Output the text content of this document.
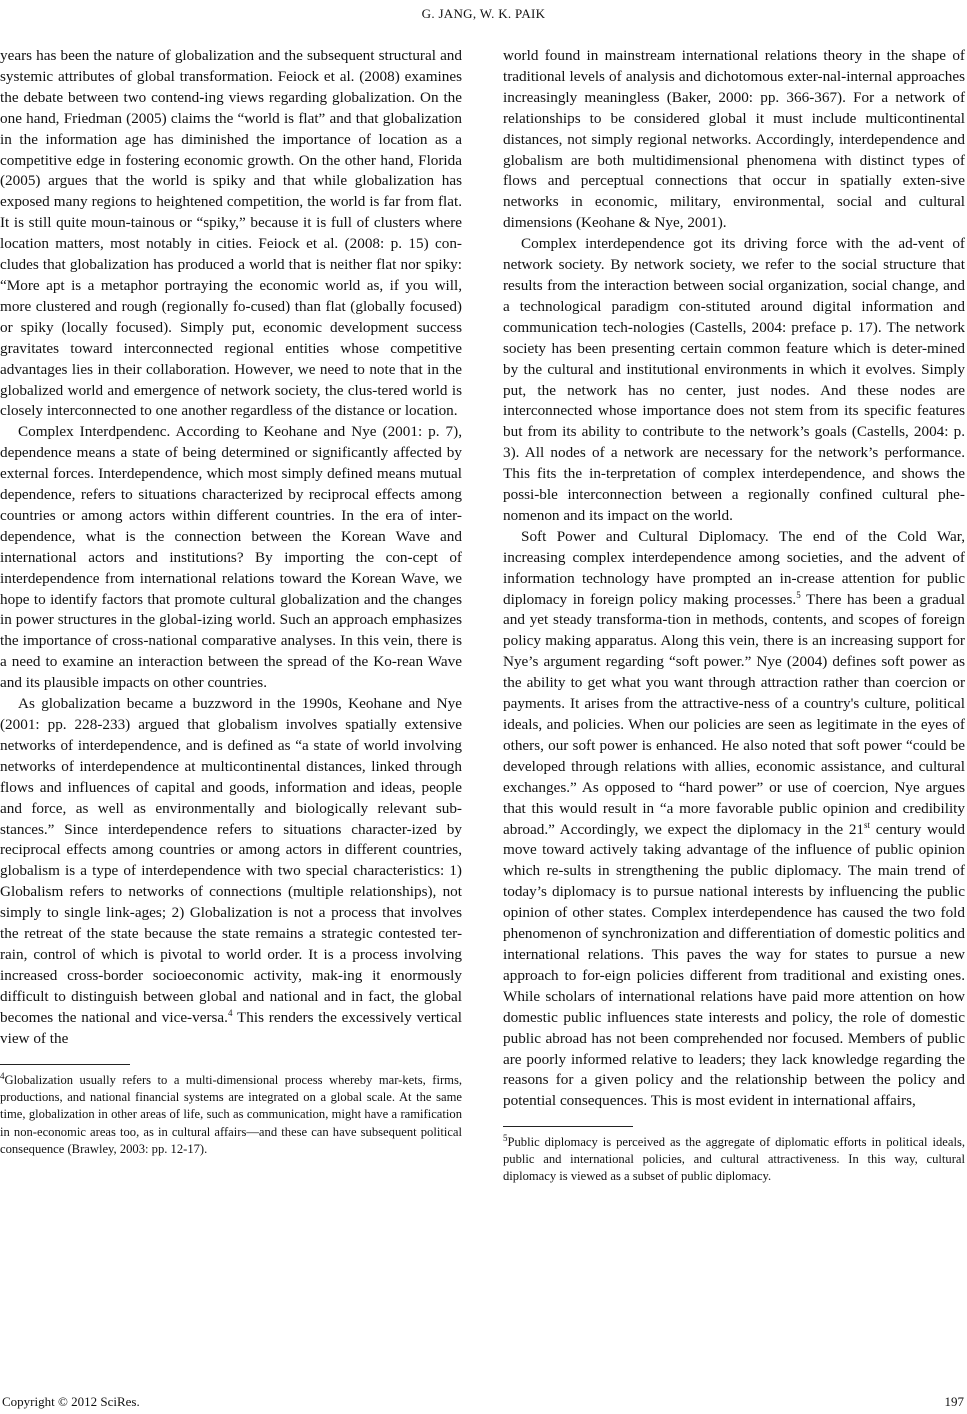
G. JANG, W. K. PAIK

years has been the nature of globalization and the subsequent structural and systemic attributes of global transformation. Feiock et al. (2008) examines the debate between two contend-ing views regarding globalization. On the one hand, Friedman (2005) claims the “world is flat” and that globalization in the information age has diminished the importance of location as a competitive edge in fostering economic growth. On the other hand, Florida (2005) argues that the world is spiky and that while globalization has exposed many regions to heightened competition, the world is far from flat. It is still quite moun-tainous or “spiky,” because it is full of clusters where location matters, most notably in cities. Feiock et al. (2008: p. 15) con-cludes that globalization has produced a world that is neither flat nor spiky: “More apt is a metaphor portraying the economic world as, if you will, more clustered and rough (regionally fo-cused) than flat (globally focused) or spiky (locally focused). Simply put, economic development success gravitates toward interconnected regional entities whose competitive advantages lies in their collaboration. However, we need to note that in the globalized world and emergence of network society, the clus-tered world is closely interconnected to one another regardless of the distance or location.

Complex Interdpendenc. According to Keohane and Nye (2001: p. 7), dependence means a state of being determined or significantly affected by external forces. Interdependence, which most simply defined means mutual dependence, refers to situations characterized by reciprocal effects among countries or among actors within different countries. In the era of inter-dependence, what is the connection between the Korean Wave and international actors and institutions? By importing the con-cept of interdependence from international relations toward the Korean Wave, we hope to identify factors that promote cultural globalization and the changes in power structures in the global-izing world. Such an approach emphasizes the importance of cross-national comparative analyses. In this vein, there is a need to examine an interaction between the spread of the Ko-rean Wave and its plausible impacts on other countries.

As globalization became a buzzword in the 1990s, Keohane and Nye (2001: pp. 228-233) argued that globalism involves spatially extensive networks of interdependence, and is defined as “a state of world involving networks of interdependence at multicontinental distances, linked through flows and influences of capital and goods, information and ideas, people and force, as well as environmentally and biologically relevant sub-stances.” Since interdependence refers to situations character-ized by reciprocal effects among countries or among actors in different countries, globalism is a type of interdependence with two special characteristics: 1) Globalism refers to networks of connections (multiple relationships), not simply to single link-ages; 2) Globalization is not a process that involves the retreat of the state because the state remains a strategic contested ter-rain, control of which is pivotal to world order. It is a process involving increased cross-border socioeconomic activity, mak-ing it enormously difficult to distinguish between global and national and in fact, the global becomes the national and vice-versa.$^4$ This renders the excessively vertical view of the

$^4$Globalization usually refers to a multi-dimensional process whereby mar-kets, firms, productions, and national financial systems are integrated on a global scale. At the same time, globalization in other areas of life, such as communication, might have a ramification in non-economic areas too, as in cultural affairs—and these can have subsequent political consequence (Brawley, 2003: pp. 12-17).

world found in mainstream international relations theory in the shape of traditional levels of analysis and dichotomous exter-nal-internal approaches increasingly meaningless (Baker, 2000: pp. 366-367). For a network of relationships to be considered global it must include multicontinental distances, not simply regional networks. Accordingly, interdependence and globalism are both multidimensional phenomena with distinct types of flows and perceptual connections that occur in spatially exten-sive networks in economic, military, environmental, social and cultural dimensions (Keohane & Nye, 2001).

Complex interdependence got its driving force with the ad-vent of network society. By network society, we refer to the social structure that results from the interaction between social organization, social change, and a technological paradigm con-stituted around digital information and communication tech-nologies (Castells, 2004: preface p. 17). The network society has been presenting certain common feature which is deter-mined by the cultural and institutional environments in which it evolves. Simply put, the network has no center, just nodes. And these nodes are interconnected whose importance does not stem from its specific features but from its ability to contribute to the network’s goals (Castells, 2004: p. 3). All nodes of a network are necessary for the network’s performance. This fits the in-terpretation of complex interdependence, and shows the possi-ble interconnection between a regionally confined cultural phe-nomenon and its impact on the world.

Soft Power and Cultural Diplomacy. The end of the Cold War, increasing complex interdependence among societies, and the advent of information technology have prompted an in-crease attention for public diplomacy in foreign policy making processes.$^5$ There has been a gradual and yet steady transforma-tion in methods, contents, and scopes of foreign policy making apparatus. Along this vein, there is an increasing support for Nye’s argument regarding “soft power.” Nye (2004) defines soft power as the ability to get what you want through attraction rather than coercion or payments. It arises from the attractive-ness of a country's culture, political ideals, and policies. When our policies are seen as legitimate in the eyes of others, our soft power is enhanced. He also noted that soft power “could be developed through relations with allies, economic assistance, and cultural exchanges.” As opposed to “hard power” or use of coercion, Nye argues that this would result in “a more favorable public opinion and credibility abroad.” Accordingly, we expect the diplomacy in the 21st century would move toward actively taking advantage of the influence of public opinion which re-sults in strengthening the public diplomacy. The main trend of today’s diplomacy is to pursue national interests by influencing the public opinion of other states. Complex interdependence has caused the two fold phenomenon of synchronization and differentiation of domestic politics and international relations. This paves the way for states to pursue a new approach to for-eign policies different from traditional and existing ones. While scholars of international relations have paid more attention on how domestic public influences state interests and policy, the role of domestic public abroad has not been comprehended nor focused. Members of public are poorly informed relative to leaders; they lack knowledge regarding the reasons for a given policy and the relationship between the policy and potential consequences. This is most evident in international affairs,

$^5$Public diplomacy is perceived as the aggregate of diplomatic efforts in political ideals, public and international policies, and cultural attractiveness. In this way, cultural diplomacy is viewed as a subset of public diplomacy.
Copyright © 2012 SciRes.	197
